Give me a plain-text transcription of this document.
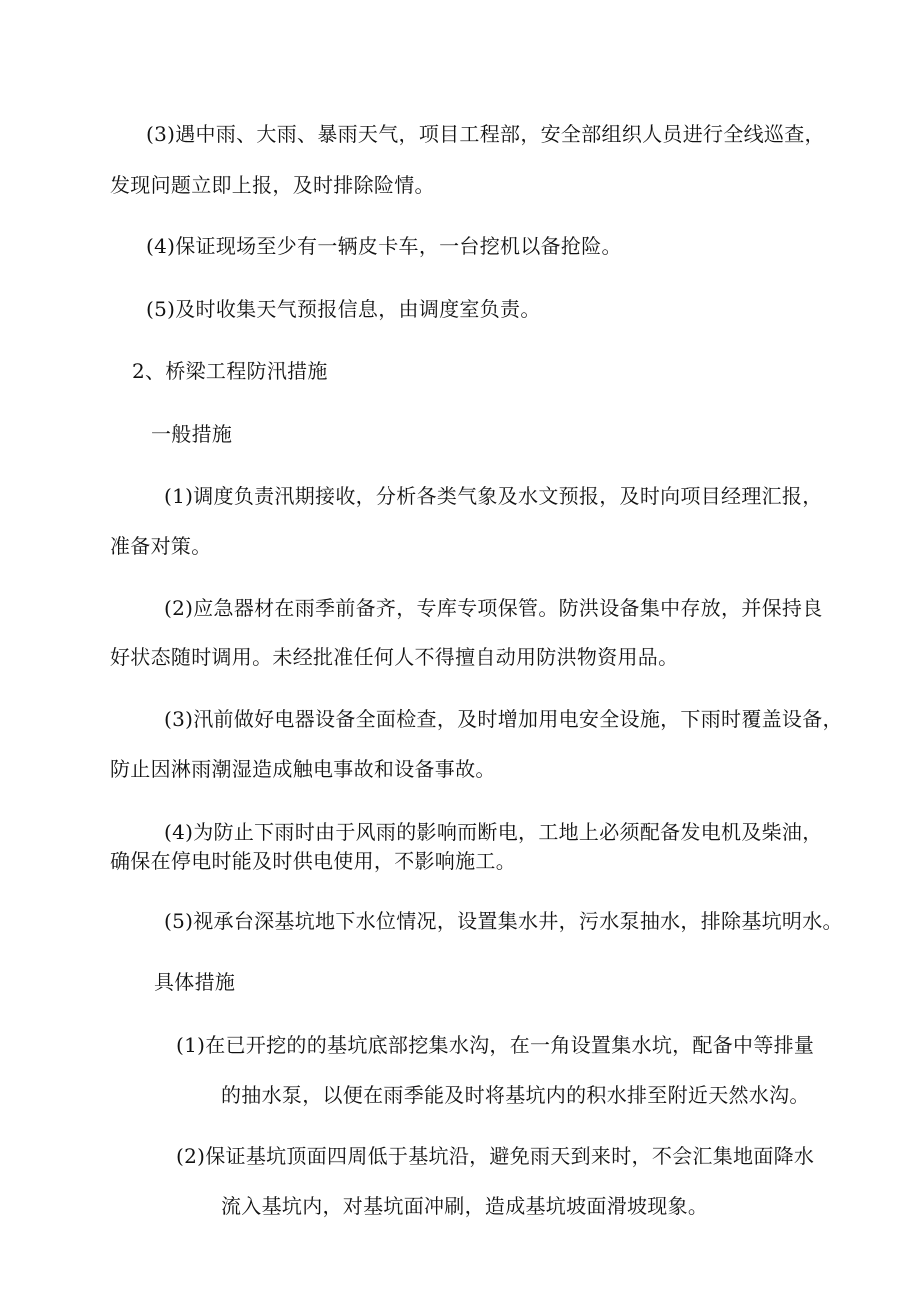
(3)遇中雨、大雨、暴雨天气，项目工程部，安全部组织人员进行全线巡查，
发现问题立即上报，及时排除险情。
(4)保证现场至少有一辆皮卡车，一台挖机以备抢险。
(5)及时收集天气预报信息，由调度室负责。
2、桥梁工程防汛措施
一般措施
(1)调度负责汛期接收，分析各类气象及水文预报，及时向项目经理汇报，
准备对策。
(2)应急器材在雨季前备齐，专库专项保管。防洪设备集中存放，并保持良
好状态随时调用。未经批准任何人不得擅自动用防洪物资用品。
(3)汛前做好电器设备全面检查，及时增加用电安全设施，下雨时覆盖设备，
防止因淋雨潮湿造成触电事故和设备事故。
(4)为防止下雨时由于风雨的影响而断电，工地上必须配备发电机及柴油，
确保在停电时能及时供电使用，不影响施工。
(5)视承台深基坑地下水位情况，设置集水井，污水泵抽水，排除基坑明水。
具体措施
(1)在已开挖的的基坑底部挖集水沟，在一角设置集水坑，配备中等排量
的抽水泵，以便在雨季能及时将基坑内的积水排至附近天然水沟。
(2)保证基坑顶面四周低于基坑沿，避免雨天到来时，不会汇集地面降水
流入基坑内，对基坑面冲刷，造成基坑坡面滑坡现象。
